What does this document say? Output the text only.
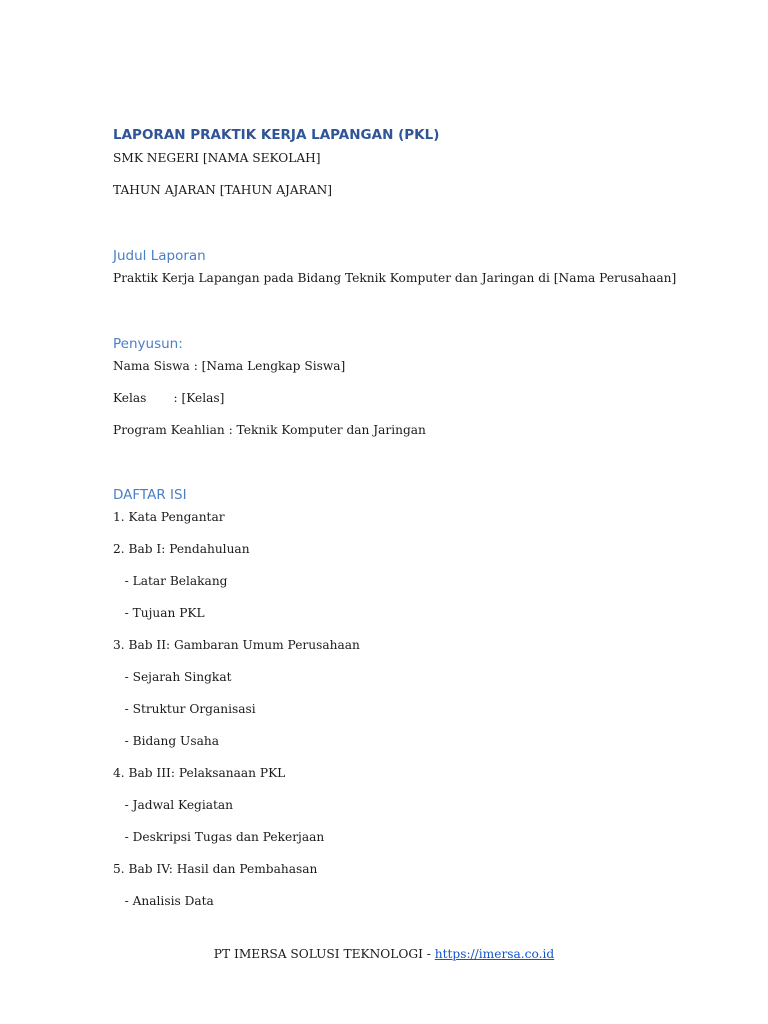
LAPORAN PRAKTIK KERJA LAPANGAN (PKL)

SMK NEGERI [NAMA SEKOLAH]

TAHUN AJARAN [TAHUN AJARAN]

Judul Laporan

Praktik Kerja Lapangan pada Bidang Teknik Komputer dan Jaringan di [Nama Perusahaan]

Penyusun:

Nama Siswa : [Nama Lengkap Siswa]

Kelas       : [Kelas]

Program Keahlian : Teknik Komputer dan Jaringan

DAFTAR ISI

1. Kata Pengantar

2. Bab I: Pendahuluan

- Latar Belakang

- Tujuan PKL

3. Bab II: Gambaran Umum Perusahaan

- Sejarah Singkat

- Struktur Organisasi

- Bidang Usaha

4. Bab III: Pelaksanaan PKL

- Jadwal Kegiatan

- Deskripsi Tugas dan Pekerjaan

5. Bab IV: Hasil dan Pembahasan

- Analisis Data

PT IMERSA SOLUSI TEKNOLOGI - https://imersa.co.id
